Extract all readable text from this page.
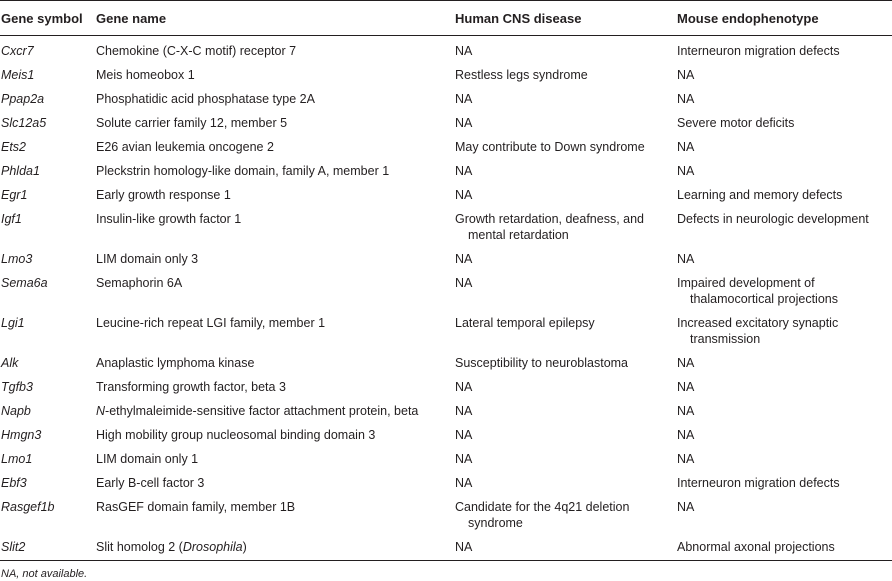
Gene symbol	Gene name	Human CNS disease	Mouse endophenotype
Cxcr7	Chemokine (C-X-C motif) receptor 7	NA	Interneuron migration defects

Meis1	Meis homeobox 1	Restless legs syndrome	NA

Ppap2a	Phosphatidic acid phosphatase type 2A	NA	NA

Slc12a5	Solute carrier family 12, member 5	NA	Severe motor deficits

Ets2	E26 avian leukemia oncogene 2	May contribute to Down syndrome	NA

Phlda1	Pleckstrin homology-like domain, family A, member 1	NA	NA

Egr1	Early growth response 1	NA	Learning and memory defects

Igf1	Insulin-like growth factor 1	Growth retardation, deafness, and mental retardation	Defects in neurologic development

Lmo3	LIM domain only 3	NA	NA

Sema6a	Semaphorin 6A	NA	Impaired development of thalamocortical projections

Lgi1	Leucine-rich repeat LGI family, member 1	Lateral temporal epilepsy	Increased excitatory synaptic transmission

Alk	Anaplastic lymphoma kinase	Susceptibility to neuroblastoma	NA

Tgfb3	Transforming growth factor, beta 3	NA	NA

Napb	N-ethylmaleimide-sensitive factor attachment protein, beta	NA	NA

Hmgn3	High mobility group nucleosomal binding domain 3	NA	NA

Lmo1	LIM domain only 1	NA	NA

Ebf3	Early B-cell factor 3	NA	Interneuron migration defects

Rasgef1b	RasGEF domain family, member 1B	Candidate for the 4q21 deletion syndrome	NA

Slit2	Slit homolog 2 (Drosophila)	NA	Abnormal axonal projections
NA, not available.
